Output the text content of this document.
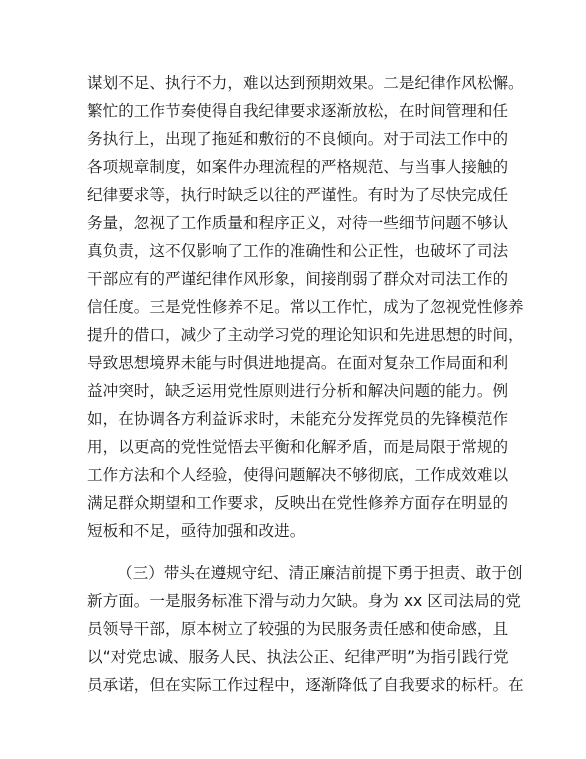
谋划不足、执行不力，难以达到预期效果。二是纪律作风松懈。
繁忙的工作节奏使得自我纪律要求逐渐放松，在时间管理和任
务执行上，出现了拖延和敷衍的不良倾向。对于司法工作中的
各项规章制度，如案件办理流程的严格规范、与当事人接触的
纪律要求等，执行时缺乏以往的严谨性。有时为了尽快完成任
务量，忽视了工作质量和程序正义，对待一些细节问题不够认
真负责，这不仅影响了工作的准确性和公正性，也破坏了司法
干部应有的严谨纪律作风形象，间接削弱了群众对司法工作的
信任度。三是党性修养不足。常以工作忙，成为了忽视党性修养
提升的借口，减少了主动学习党的理论知识和先进思想的时间，
导致思想境界未能与时俱进地提高。在面对复杂工作局面和利
益冲突时，缺乏运用党性原则进行分析和解决问题的能力。例
如，在协调各方利益诉求时，未能充分发挥党员的先锋模范作
用，以更高的党性觉悟去平衡和化解矛盾，而是局限于常规的
工作方法和个人经验，使得问题解决不够彻底，工作成效难以
满足群众期望和工作要求，反映出在党性修养方面存在明显的
短板和不足，亟待加强和改进。
（三）带头在遵规守纪、清正廉洁前提下勇于担责、敢于创
新方面。一是服务标准下滑与动力欠缺。身为 xx 区司法局的党
员领导干部，原本树立了较强的为民服务责任感和使命感，且
以“对党忠诚、服务人民、执法公正、纪律严明”为指引践行党
员承诺，但在实际工作过程中，逐渐降低了自我要求的标杆。在
